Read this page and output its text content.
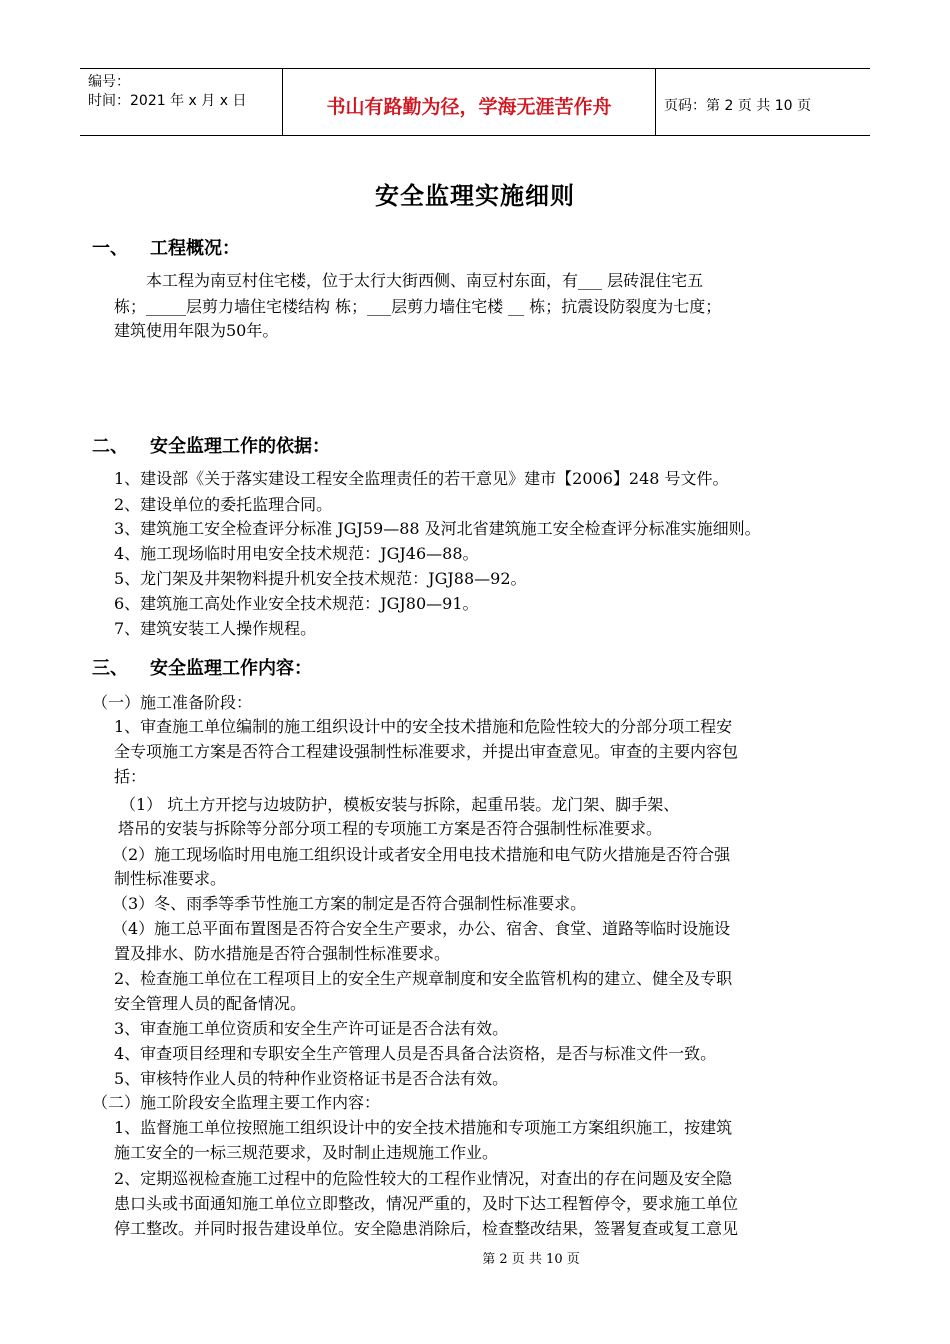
编号：
时间：2021 年 x 月 x 日	书山有路勤为径，学海无涯苦作舟	页码：第 2 页 共 10 页
安全监理实施细则
一、 工程概况：
本工程为南豆村住宅楼，位于太行大街西侧、南豆村东面，有___ 层砖混住宅五
栋；_____层剪力墙住宅楼结构 栋；___层剪力墙住宅楼 __ 栋；抗震设防裂度为七度；
建筑使用年限为50年。
二、 安全监理工作的依据：
1、建设部《关于落实建设工程安全监理责任的若干意见》建市【2006】248 号文件。
2、建设单位的委托监理合同。
3、建筑施工安全检查评分标准 JGJ59—88 及河北省建筑施工安全检查评分标准实施细则。
4、施工现场临时用电安全技术规范：JGJ46—88。
5、龙门架及井架物料提升机安全技术规范：JGJ88—92。
6、建筑施工高处作业安全技术规范：JGJ80—91。
7、建筑安装工人操作规程。
三、 安全监理工作内容：
（一）施工准备阶段：
1、审查施工单位编制的施工组织设计中的安全技术措施和危险性较大的分部分项工程安
全专项施工方案是否符合工程建设强制性标准要求，并提出审查意见。审查的主要内容包
括：
（1） 坑土方开挖与边坡防护，模板安装与拆除，起重吊装。龙门架、脚手架、
塔吊的安装与拆除等分部分项工程的专项施工方案是否符合强制性标准要求。
（2）施工现场临时用电施工组织设计或者安全用电技术措施和电气防火措施是否符合强
制性标准要求。
（3）冬、雨季等季节性施工方案的制定是否符合强制性标准要求。
（4）施工总平面布置图是否符合安全生产要求，办公、宿舍、食堂、道路等临时设施设
置及排水、防水措施是否符合强制性标准要求。
2、检查施工单位在工程项目上的安全生产规章制度和安全监管机构的建立、健全及专职
安全管理人员的配备情况。
3、审查施工单位资质和安全生产许可证是否合法有效。
4、审查项目经理和专职安全生产管理人员是否具备合法资格，是否与标准文件一致。
5、审核特作业人员的特种作业资格证书是否合法有效。
（二）施工阶段安全监理主要工作内容：
1、监督施工单位按照施工组织设计中的安全技术措施和专项施工方案组织施工，按建筑
施工安全的一标三规范要求，及时制止违规施工作业。
2、定期巡视检查施工过程中的危险性较大的工程作业情况，对查出的存在问题及安全隐
患口头或书面通知施工单位立即整改，情况严重的，及时下达工程暂停令，要求施工单位
停工整改。并同时报告建设单位。安全隐患消除后，检查整改结果，签署复查或复工意见
第 2 页 共 10 页
